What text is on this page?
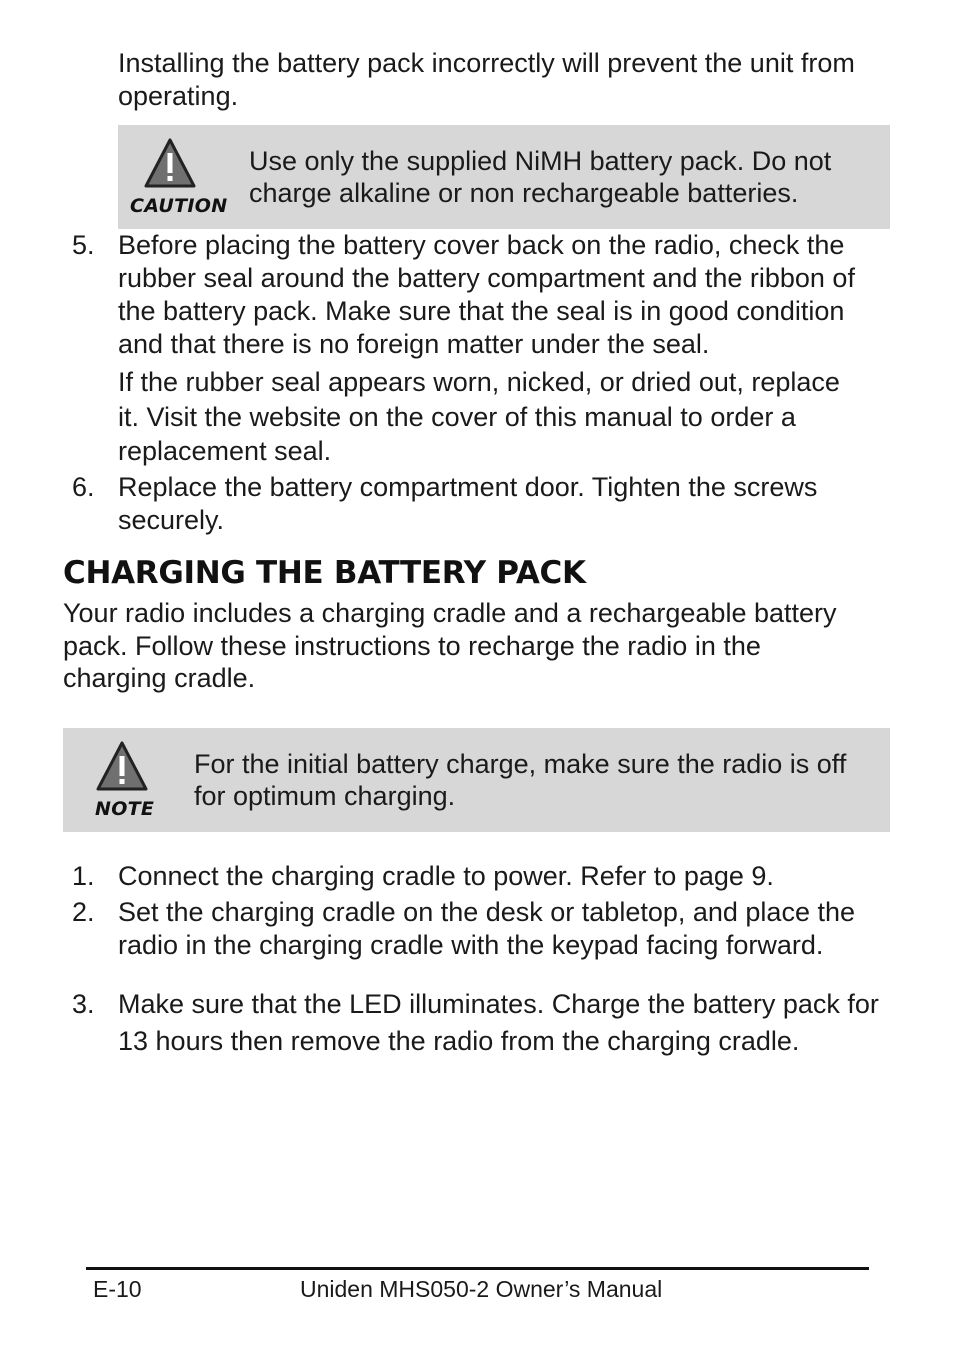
Installing the battery pack incorrectly will prevent the unit from
operating.
CAUTION
Use only the supplied NiMH battery pack. Do not
charge alkaline or non rechargeable batteries.
5. Before placing the battery cover back on the radio, check the
rubber seal around the battery compartment and the ribbon of
the battery pack. Make sure that the seal is in good condition
and that there is no foreign matter under the seal.
If the rubber seal appears worn, nicked, or dried out, replace
it. Visit the website on the cover of this manual to order a
replacement seal.
6. Replace the battery compartment door. Tighten the screws
securely.
CHARGING THE BATTERY PACK
Your radio includes a charging cradle and a rechargeable battery
pack. Follow these instructions to recharge the radio in the
charging cradle.
NOTE
For the initial battery charge, make sure the radio is off
for optimum charging.
1. Connect the charging cradle to power. Refer to page 9.
2. Set the charging cradle on the desk or tabletop, and place the
radio in the charging cradle with the keypad facing forward.
3. Make sure that the LED illuminates. Charge the battery pack for
13 hours then remove the radio from the charging cradle.
E-10	Uniden MHS050-2 Owner’s Manual
